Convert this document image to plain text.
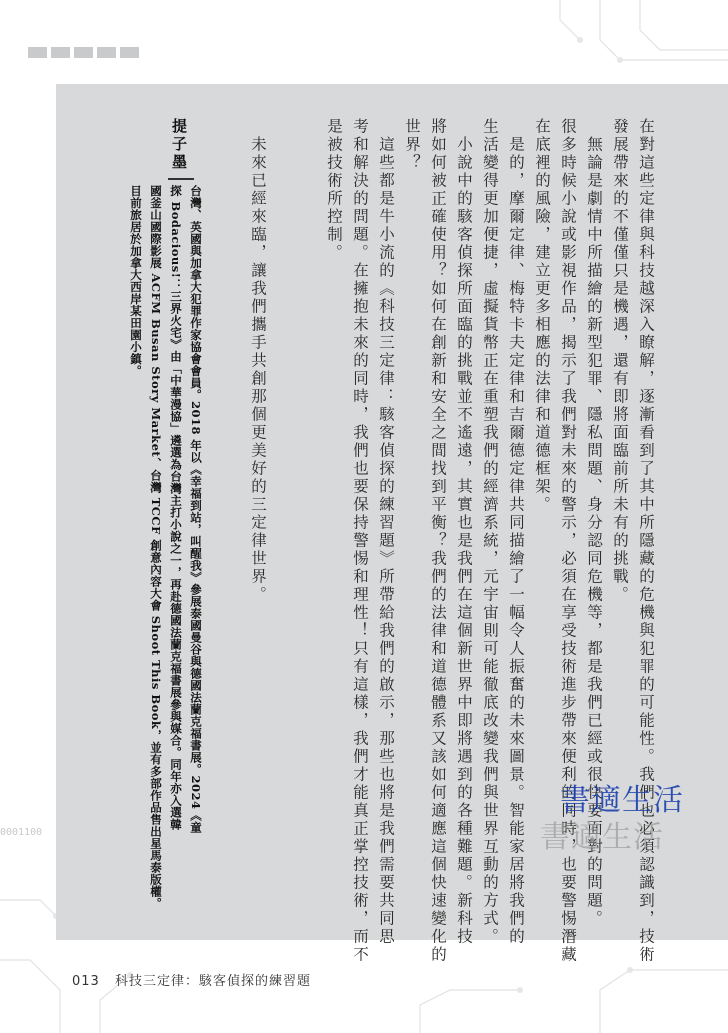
0001100	在對這些定律與科技越深入瞭解，逐漸看到了其中所隱藏的危機與犯罪的可能性。我們也必須認識到，技術
發展帶來的不僅僅只是機遇，還有即將面臨前所未有的挑戰。
　無論是劇情中所描繪的新型犯罪、隱私問題、身分認同危機等，都是我們已經或很快要面對的問題。
很多時候小說或影視作品，揭示了我們對未來的警示，必須在享受技術進步帶來便利的同時，也要警惕潛藏
在底裡的風險，建立更多相應的法律和道德框架。
　是的，摩爾定律、梅特卡夫定律和吉爾德定律共同描繪了一幅令人振奮的未來圖景。智能家居將我們的
生活變得更加便捷，虛擬貨幣正在重塑我們的經濟系統，元宇宙則可能徹底改變我們與世界互動的方式。
　小說中的駭客偵探所面臨的挑戰並不遙遠，其實也是我們在這個新世界中即將遇到的各種難題。新科技
將如何被正確使用？如何在創新和安全之間找到平衡？我們的法律和道德體系又該如何適應這個快速變化的
世界？
　這些都是牛小流的《科技三定律：駭客偵探的練習題》所帶給我們的啟示，那些也將是我們需要共同思
考和解決的問題。在擁抱未來的同時，我們也要保持警惕和理性！只有這樣，我們才能真正掌控技術，而不
是被技術所控制。
　未來已經來臨，讓我們攜手共創那個更美好的三定律世界。
提子墨
台灣、英國與加拿大犯罪作家協會會員。2018 年以《幸福到站，叫醒我》參展泰國曼谷與德國法蘭克福書展。2024《童
探 Bodacious!：三界火宅》由「中華漫協」遴選為台灣主打小說之一，再赴德國法蘭克福書展參與媒合。同年亦入選韓
國釜山國際影展 ACFM Busan Story Market、台灣 TCCF 創意內容大會 Shoot This Book，並有多部作品售出星馬泰版權。
目前旅居於加拿大西岸某田園小鎮。
書適生活
書適生活
013 科技三定律：駭客偵探的練習題
